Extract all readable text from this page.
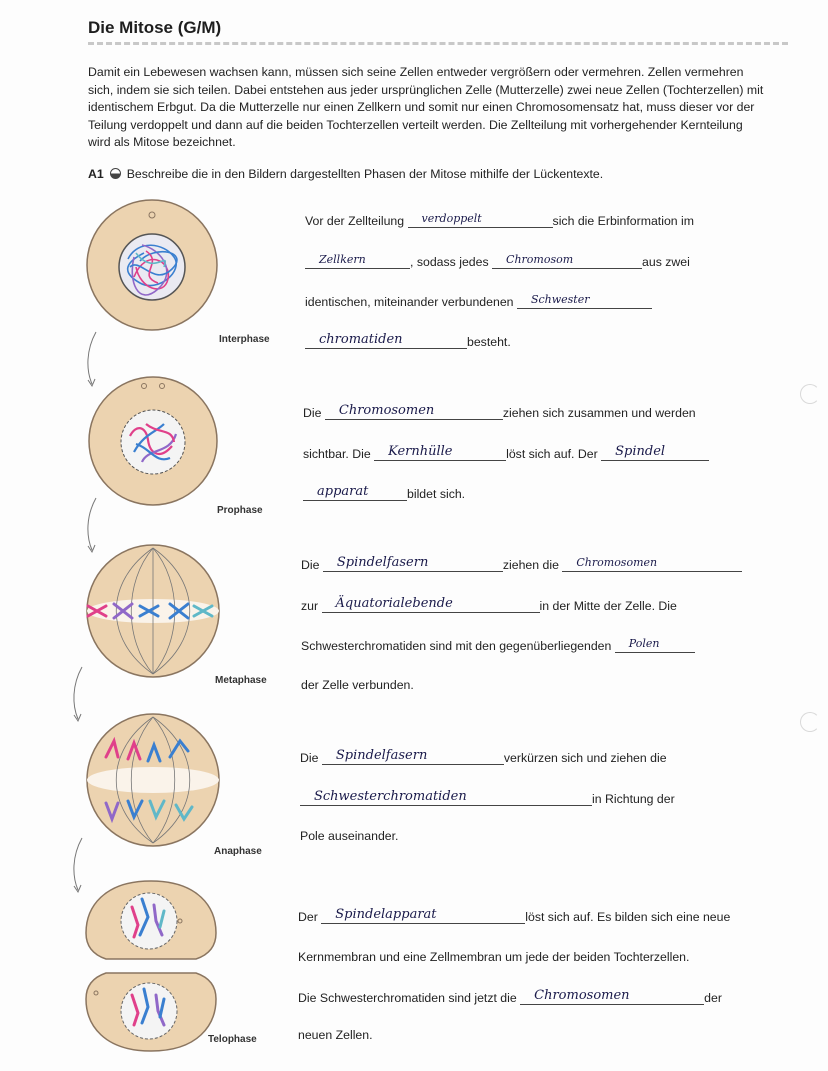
Die Mitose (G/M)
Damit ein Lebewesen wachsen kann, müssen sich seine Zellen entweder vergrößern oder vermehren. Zellen vermehren sich, indem sie sich teilen. Dabei entstehen aus jeder ursprünglichen Zelle (Mutterzelle) zwei neue Zellen (Tochterzellen) mit identischem Erbgut. Da die Mutterzelle nur einen Zellkern und somit nur einen Chromosomensatz hat, muss dieser vor der Teilung verdoppelt und dann auf die beiden Tochterzellen verteilt werden. Die Zellteilung mit vorhergehender Kernteilung wird als Mitose bezeichnet.
A1 Beschreibe die in den Bildern dargestellten Phasen der Mitose mithilfe der Lückentexte.
Interphase
Prophase
Metaphase
Anaphase
Telophase
Vor der Zellteilung verdoppelt	sich die Erbinformation im
Zellkern	, sodass jedes Chromosom	aus zwei
identischen, miteinander verbundenen Schwester
chromatiden	besteht.
Die Chromosomen	ziehen sich zusammen und werden
sichtbar. Die Kernhülle	löst sich auf. Der Spindel
apparat	bildet sich.
Die Spindelfasern	ziehen die Chromosomen
zur Äquatorialebende	in der Mitte der Zelle. Die
Schwesterchromatiden sind mit den gegenüberliegenden Polen
der Zelle verbunden.
Die Spindelfasern	verkürzen sich und ziehen die
Schwesterchromatiden	in Richtung der
Pole auseinander.
Der Spindelapparat	löst sich auf. Es bilden sich eine neue
Kernmembran und eine Zellmembran um jede der beiden Tochterzellen.
Die Schwesterchromatiden sind jetzt die Chromosomen	der
neuen Zellen.
